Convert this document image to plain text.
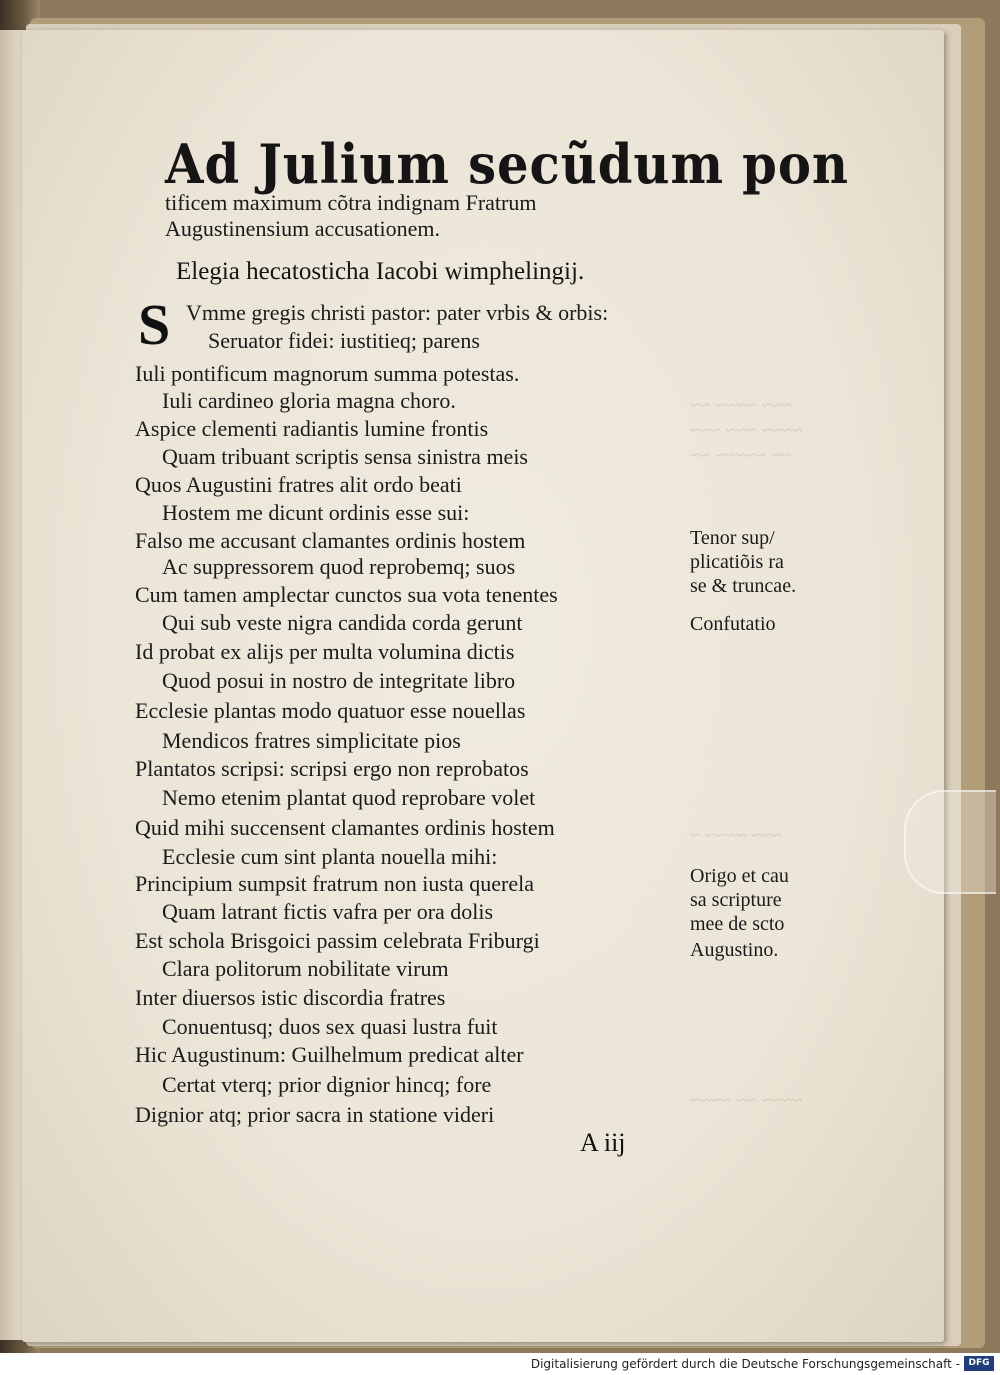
~~~ ~~~~ ~~
~~~~ ~~~ ~~~
~~ ~~~~~ ~~
~~~ ~~~~ ~
~~~~ ~~ ~~~~
Ad Julium secũdum pon
tificem maximum cõtra indignam Fratrum
Augustinensium accusationem.
Elegia hecatosticha Iacobi wimphelingij.
S Vmme gregis christi pastor: pater vrbis & orbis:
Seruator fidei: iustitieq; parens
Iuli pontificum magnorum summa potestas.
Iuli cardineo gloria magna choro.
Aspice clementi radiantis lumine frontis
Quam tribuant scriptis sensa sinistra meis
Quos Augustini fratres alit ordo beati
Hostem me dicunt ordinis esse sui:
Falso me accusant clamantes ordinis hostem
Ac suppressorem quod reprobemq; suos
Cum tamen amplectar cunctos sua vota tenentes
Qui sub veste nigra candida corda gerunt
Id probat ex alijs per multa volumina dictis
Quod posui in nostro de integritate libro
Ecclesie plantas modo quatuor esse nouellas
Mendicos fratres simplicitate pios
Plantatos scripsi: scripsi ergo non reprobatos
Nemo etenim plantat quod reprobare volet
Quid mihi succensent clamantes ordinis hostem
Ecclesie cum sint planta nouella mihi:
Principium sumpsit fratrum non iusta querela
Quam latrant fictis vafra per ora dolis
Est schola Brisgoici passim celebrata Friburgi
Clara politorum nobilitate virum
Inter diuersos istic discordia fratres
Conuentusq; duos sex quasi lustra fuit
Hic Augustinum: Guilhelmum predicat alter
Certat vterq; prior dignior hincq; fore
Dignior atq; prior sacra in statione videri
Tenor sup/
plicatiõis ra
se & truncae.
Confutatio
Origo et cau
sa scripture
mee de scto
Augustino.
A iij
Digitalisierung gefördert durch die Deutsche Forschungsgemeinschaft - DFG
